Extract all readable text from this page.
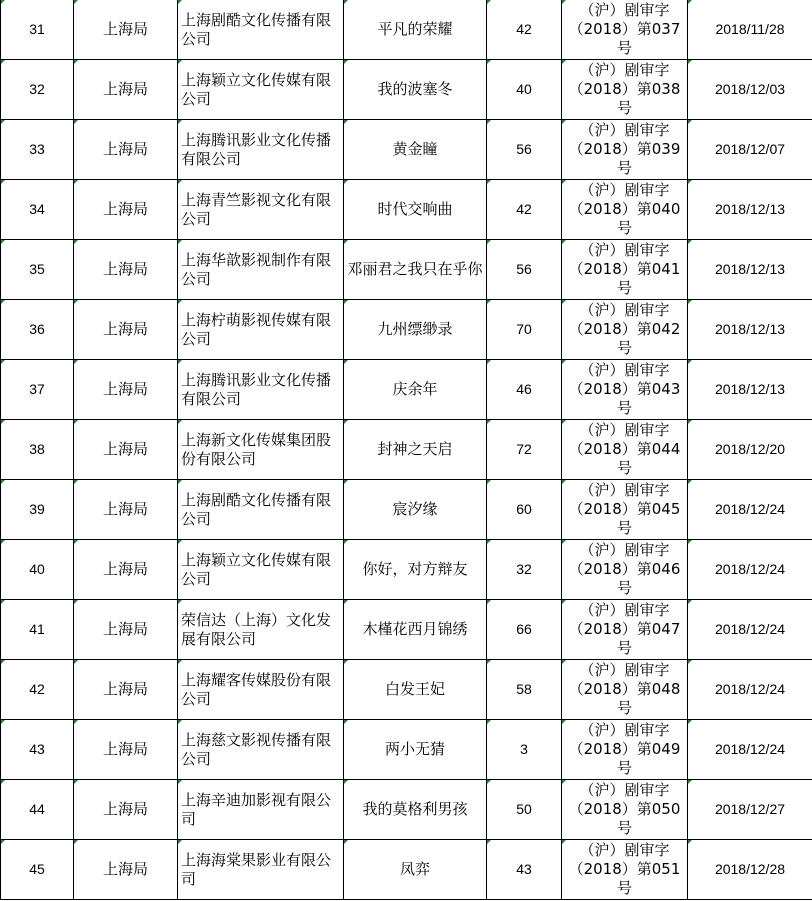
31	上海局	上海剧酷文化传播有限公司	平凡的荣耀	42	（沪）剧审字
（2018）第037号	2018/11/28
32	上海局	上海颖立文化传媒有限公司	我的波塞冬	40	（沪）剧审字
（2018）第038号	2018/12/03
33	上海局	上海腾讯影业文化传播有限公司	黄金瞳	56	（沪）剧审字
（2018）第039号	2018/12/07
34	上海局	上海青竺影视文化有限公司	时代交响曲	42	（沪）剧审字
（2018）第040号	2018/12/13
35	上海局	上海华歆影视制作有限公司	邓丽君之我只在乎你	56	（沪）剧审字
（2018）第041号	2018/12/13
36	上海局	上海柠萌影视传媒有限公司	九州缥缈录	70	（沪）剧审字
（2018）第042号	2018/12/13
37	上海局	上海腾讯影业文化传播有限公司	庆余年	46	（沪）剧审字
（2018）第043号	2018/12/13
38	上海局	上海新文化传媒集团股份有限公司	封神之天启	72	（沪）剧审字
（2018）第044号	2018/12/20
39	上海局	上海剧酷文化传播有限公司	宸汐缘	60	（沪）剧审字
（2018）第045号	2018/12/24
40	上海局	上海颖立文化传媒有限公司	你好，对方辩友	32	（沪）剧审字
（2018）第046号	2018/12/24
41	上海局	荣信达（上海）文化发展有限公司	木槿花西月锦绣	66	（沪）剧审字
（2018）第047号	2018/12/24
42	上海局	上海耀客传媒股份有限公司	白发王妃	58	（沪）剧审字
（2018）第048号	2018/12/24
43	上海局	上海慈文影视传播有限公司	两小无猜	3	（沪）剧审字
（2018）第049号	2018/12/24
44	上海局	上海辛迪加影视有限公司	我的莫格利男孩	50	（沪）剧审字
（2018）第050号	2018/12/27
45	上海局	上海海棠果影业有限公司	凤弈	43	（沪）剧审字
（2018）第051号	2018/12/28
